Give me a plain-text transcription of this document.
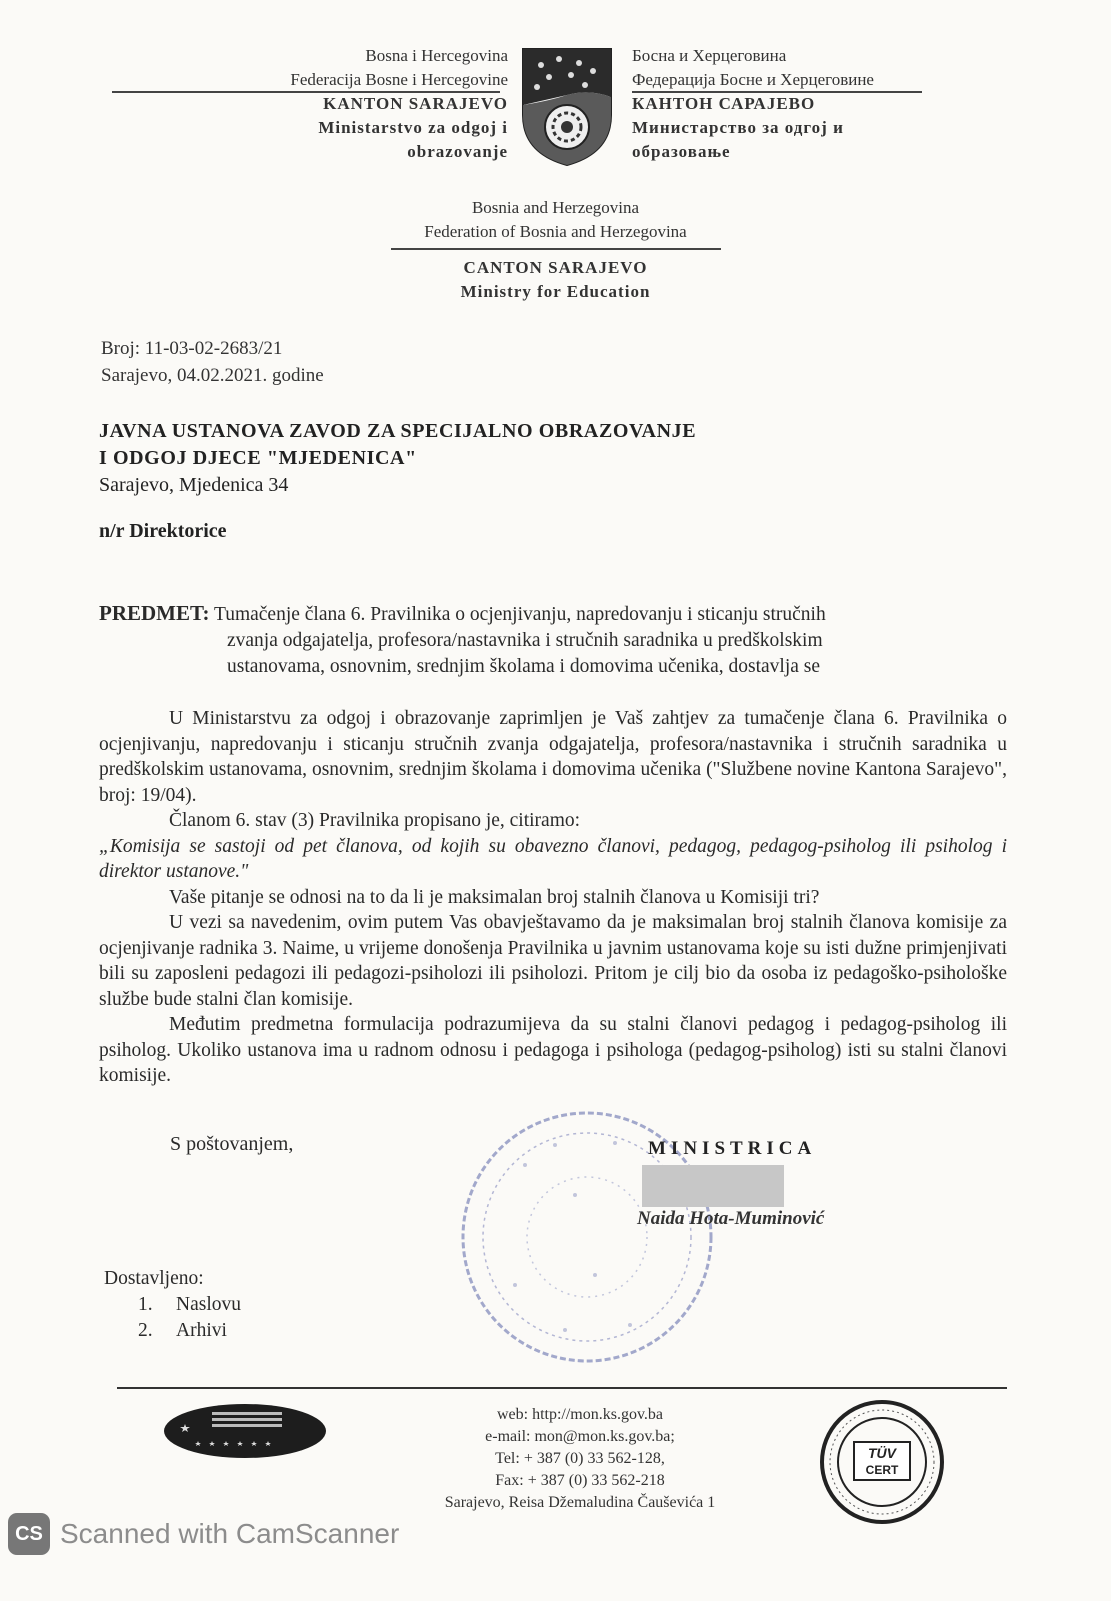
Bosna i Hercegovina
Federacija Bosne i Hercegovine
KANTON SARAJEVO
Ministarstvo za odgoj i
obrazovanje
Босна и Херцеговина
Федерација Босне и Херцеговине
КАНТОН САРАЈЕВО
Министарство за одгој и
образовање
Bosnia and Herzegovina
Federation of Bosnia and Herzegovina
CANTON SARAJEVO
Ministry for Education
Broj: 11-03-02-2683/21
Sarajevo, 04.02.2021. godine
JAVNA USTANOVA ZAVOD ZA SPECIJALNO OBRAZOVANJE
I ODGOJ DJECE "MJEDENICA"
Sarajevo, Mjedenica 34
n/r Direktorice
PREDMET: Tumačenje člana 6. Pravilnika o ocjenjivanju, napredovanju i sticanju stručnih
zvanja odgajatelja, profesora/nastavnika i stručnih saradnika u predškolskim
ustanovama, osnovnim, srednjim školama i domovima učenika, dostavlja se

U Ministarstvu za odgoj i obrazovanje zaprimljen je Vaš zahtjev za tumačenje člana 6. Pravilnika o ocjenjivanju, napredovanju i sticanju stručnih zvanja odgajatelja, profesora/nastavnika i stručnih saradnika u predškolskim ustanovama, osnovnim, srednjim školama i domovima učenika ("Službene novine Kantona Sarajevo", broj: 19/04).

Članom 6. stav (3) Pravilnika propisano je, citiramo:

„Komisija se sastoji od pet članova, od kojih su obavezno članovi, pedagog, pedagog-psiholog ili psiholog i direktor ustanove."

Vaše pitanje se odnosi na to da li je maksimalan broj stalnih članova u Komisiji tri?

U vezi sa navedenim, ovim putem Vas obavještavamo da je maksimalan broj stalnih članova komisije za ocjenjivanje radnika 3. Naime, u vrijeme donošenja Pravilnika u javnim ustanovama koje su isti dužne primjenjivati bili su zaposleni pedagozi ili pedagozi-psiholozi ili psiholozi. Pritom je cilj bio da osoba iz pedagoško-psihološke službe bude stalni član komisije.

Međutim predmetna formulacija podrazumijeva da su stalni članovi pedagog i pedagog-psiholog ili psiholog. Ukoliko ustanova ima u radnom odnosu i pedagoga i psihologa (pedagog-psiholog) isti su stalni članovi komisije.

S poštovanjem,	MINISTRICA
Naida Hota-Muminović
Dostavljeno:
1. Naslovu
2. Arhivi
web: http://mon.ks.gov.ba
e-mail: mon@mon.ks.gov.ba;
Tel: + 387 (0) 33 562-128,
Fax: + 387 (0) 33 562-218
Sarajevo, Reisa Džemaludina Čauševića 1
TÜV
CERT
CS Scanned with CamScanner
